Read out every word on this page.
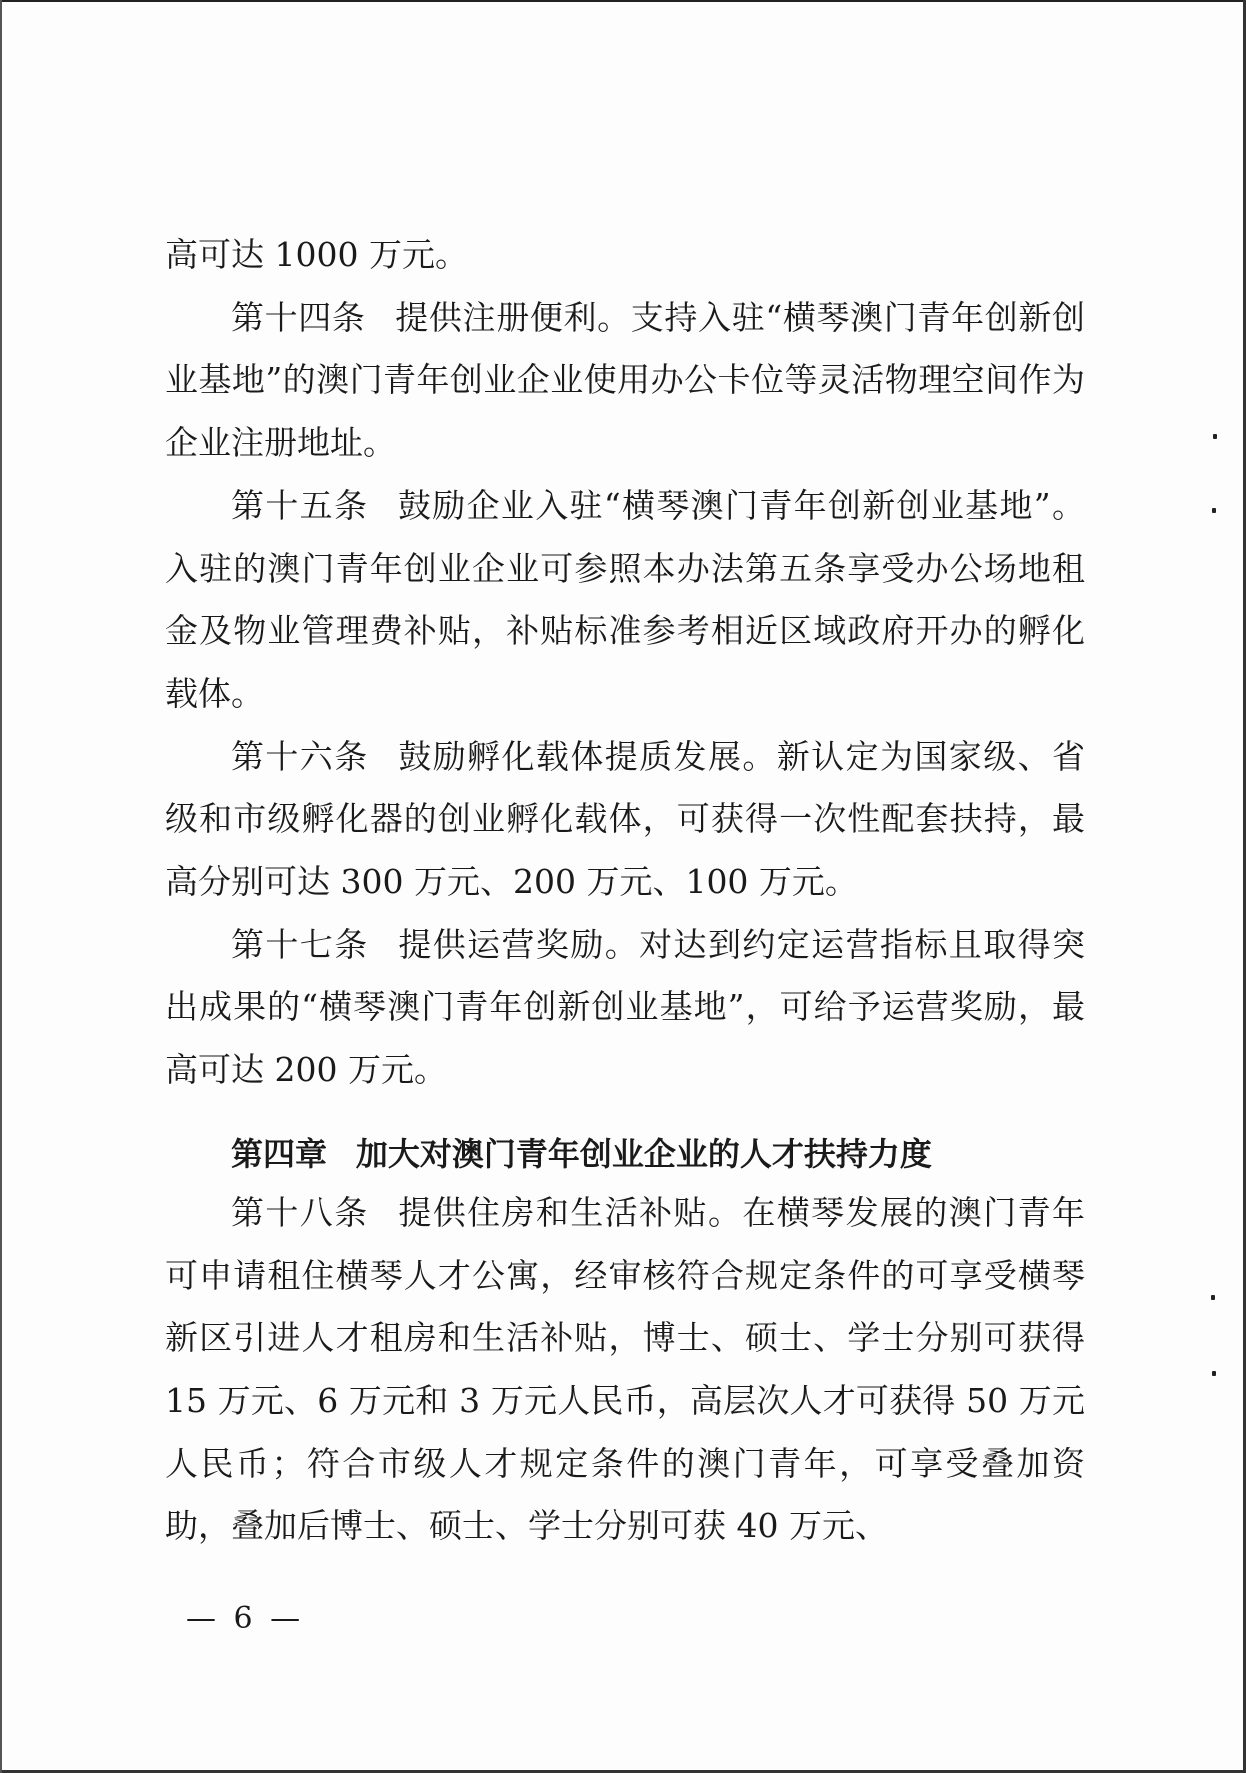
高可达 1000 万元。

第十四条 提供注册便利。支持入驻“横琴澳门青年创新创业基地”的澳门青年创业企业使用办公卡位等灵活物理空间作为企业注册地址。

第十五条 鼓励企业入驻“横琴澳门青年创新创业基地”。入驻的澳门青年创业企业可参照本办法第五条享受办公场地租金及物业管理费补贴，补贴标准参考相近区域政府开办的孵化载体。

第十六条 鼓励孵化载体提质发展。新认定为国家级、省级和市级孵化器的创业孵化载体，可获得一次性配套扶持，最高分别可达 300 万元、200 万元、100 万元。

第十七条 提供运营奖励。对达到约定运营指标且取得突出成果的“横琴澳门青年创新创业基地”，可给予运营奖励，最高可达 200 万元。

第四章 加大对澳门青年创业企业的人才扶持力度

第十八条 提供住房和生活补贴。在横琴发展的澳门青年可申请租住横琴人才公寓，经审核符合规定条件的可享受横琴新区引进人才租房和生活补贴，博士、硕士、学士分别可获得 15 万元、6 万元和 3 万元人民币，高层次人才可获得 50 万元人民币；符合市级人才规定条件的澳门青年，可享受叠加资助，叠加后博士、硕士、学士分别可获 40 万元、

— 6 —
